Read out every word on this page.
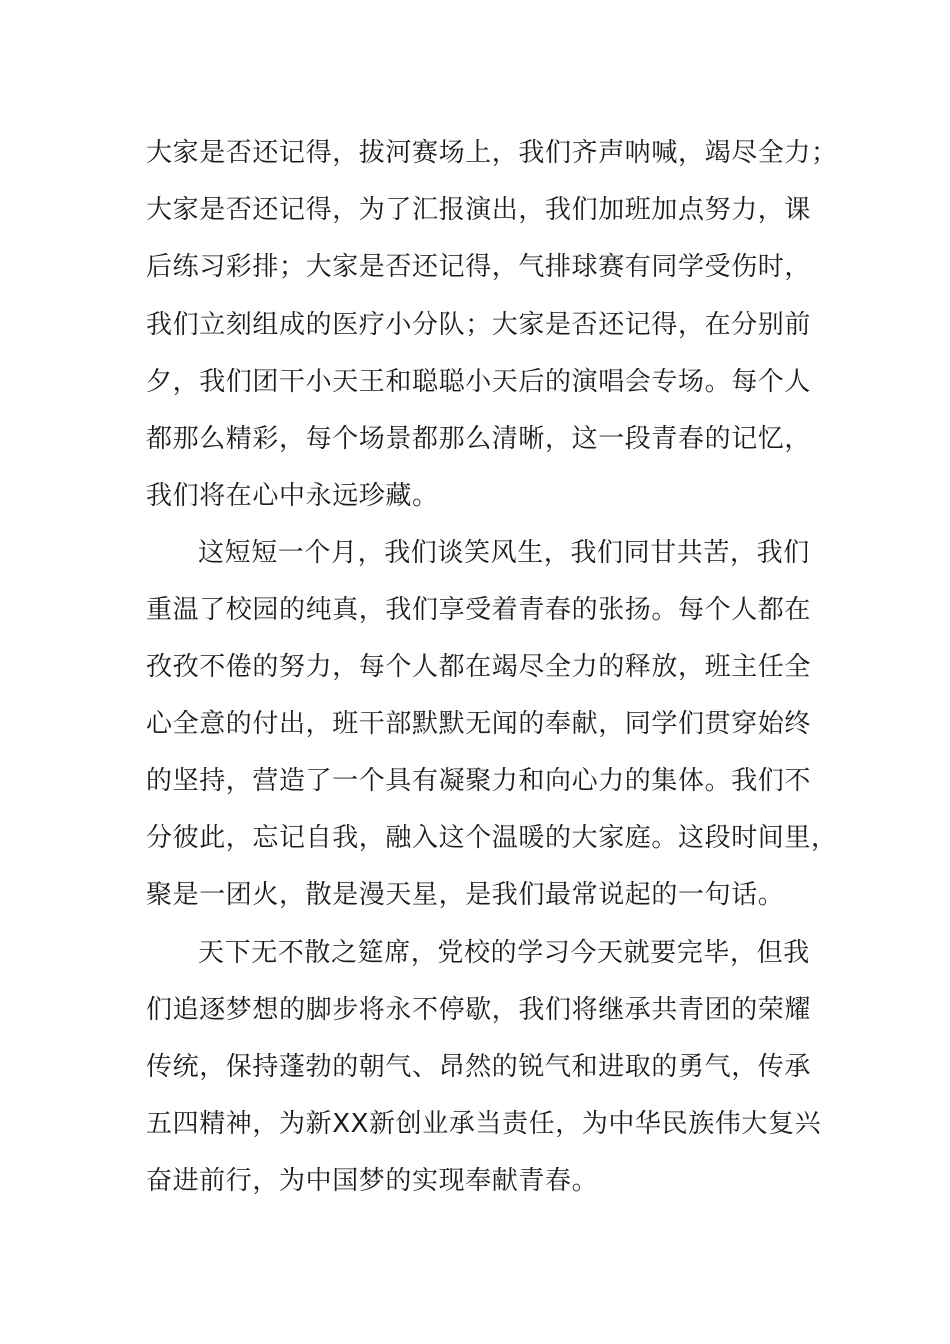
大家是否还记得，拔河赛场上，我们齐声呐喊，竭尽全力；
大家是否还记得，为了汇报演出，我们加班加点努力，课
后练习彩排；大家是否还记得，气排球赛有同学受伤时，
我们立刻组成的医疗小分队；大家是否还记得，在分别前
夕，我们团干小天王和聪聪小天后的演唱会专场。每个人
都那么精彩，每个场景都那么清晰，这一段青春的记忆，
我们将在心中永远珍藏。
这短短一个月，我们谈笑风生，我们同甘共苦，我们
重温了校园的纯真，我们享受着青春的张扬。每个人都在
孜孜不倦的努力，每个人都在竭尽全力的释放，班主任全
心全意的付出，班干部默默无闻的奉献，同学们贯穿始终
的坚持，营造了一个具有凝聚力和向心力的集体。我们不
分彼此，忘记自我，融入这个温暖的大家庭。这段时间里，
聚是一团火，散是漫天星，是我们最常说起的一句话。
天下无不散之筵席，党校的学习今天就要完毕，但我
们追逐梦想的脚步将永不停歇，我们将继承共青团的荣耀
传统，保持蓬勃的朝气、昂然的锐气和进取的勇气，传承
五四精神，为新XX新创业承当责任，为中华民族伟大复兴
奋进前行，为中国梦的实现奉献青春。
